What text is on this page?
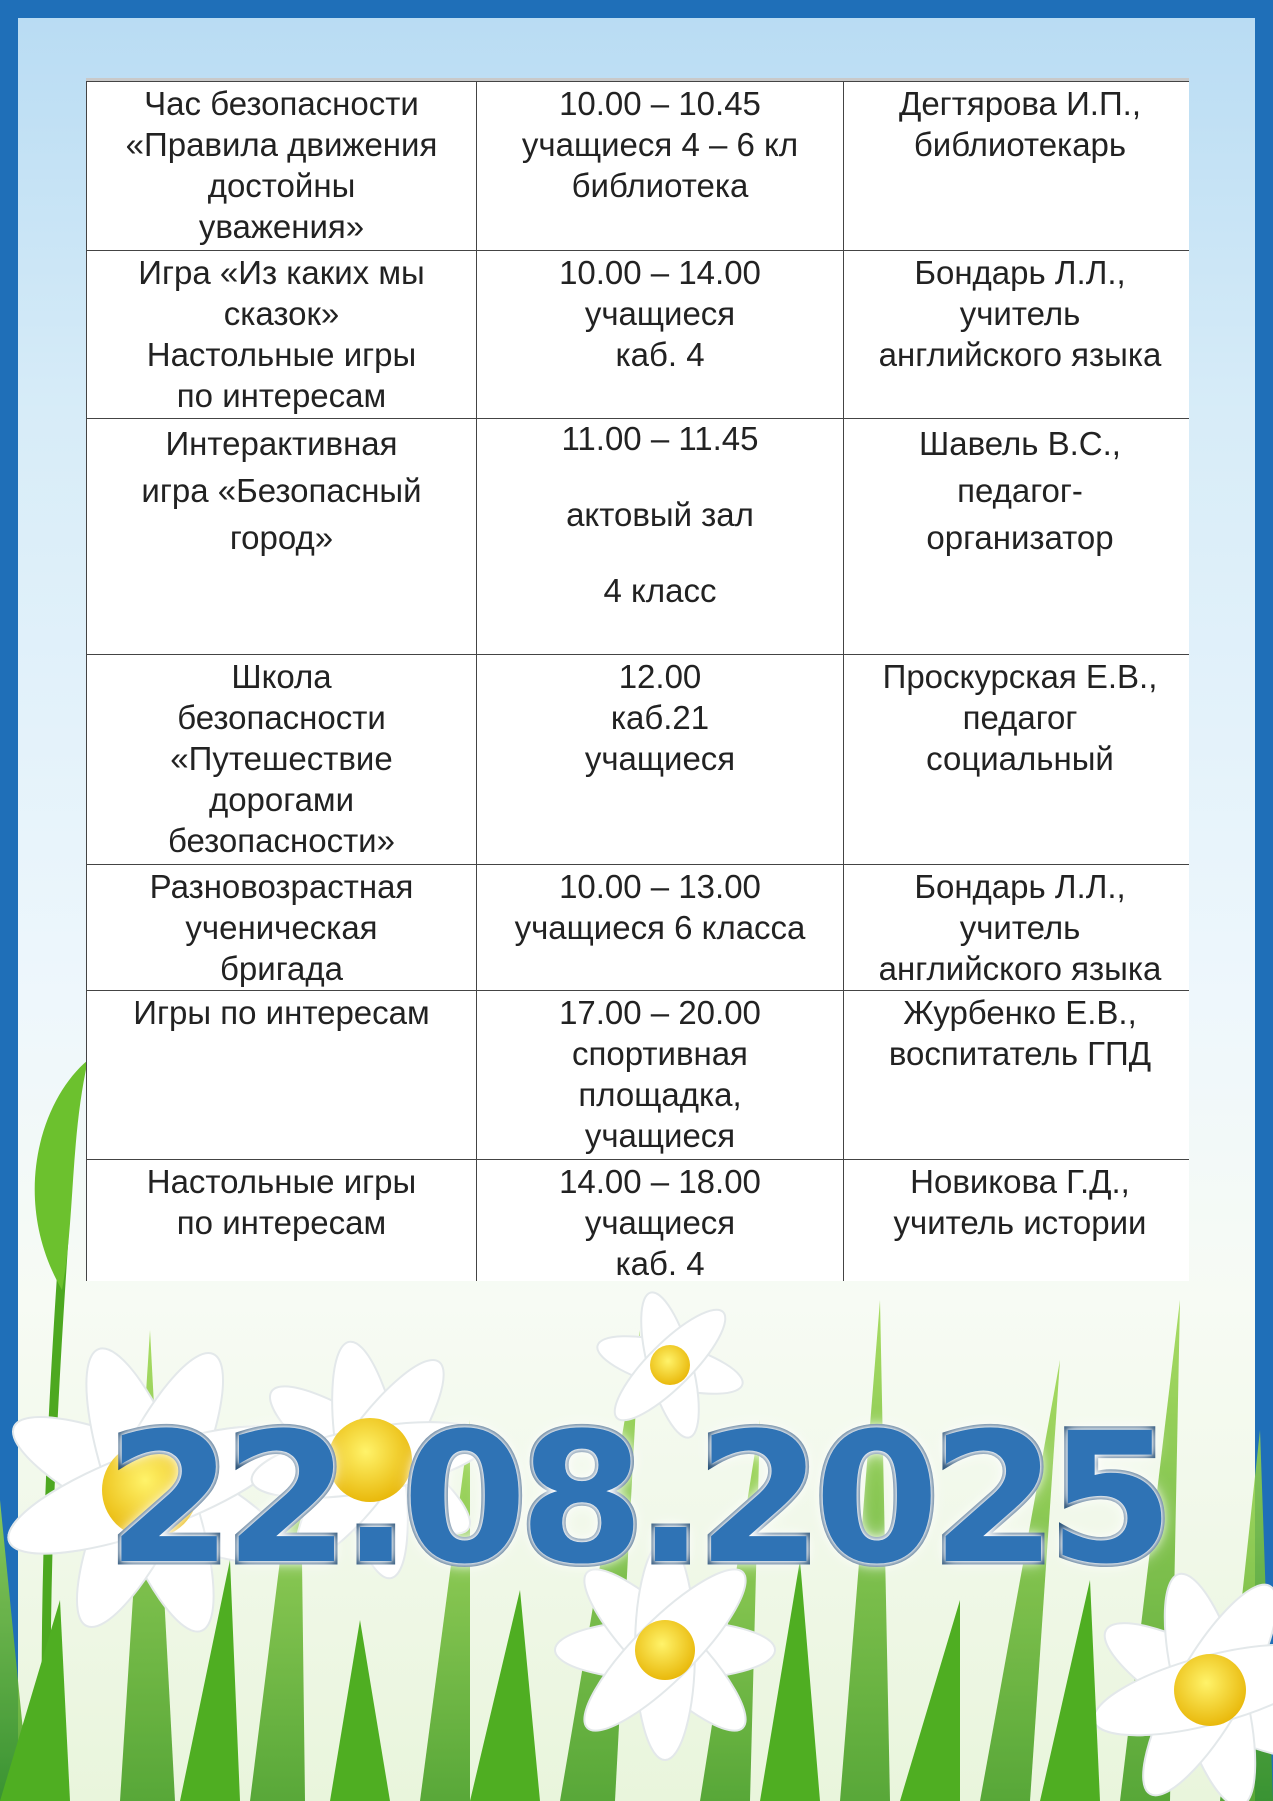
Час безопасности
«Правила движения
достойны
уважения»	10.00 – 10.45
учащиеся 4 – 6 кл
библиотека	Дегтярова И.П.,
библиотекарь
Игра «Из каких мы
сказок»
Настольные игры
по интересам	10.00 – 14.00
учащиеся
каб. 4	Бондарь Л.Л.,
учитель
английского языка
Интерактивная
игра «Безопасный
город»	11.00 – 11.45

актовый зал

4 класс	Шавель В.С.,
педагог-
организатор
Школа
безопасности
«Путешествие
дорогами
безопасности»	12.00
каб.21
учащиеся	Проскурская Е.В.,
педагог
социальный
Разновозрастная
ученическая
бригада	10.00 – 13.00
учащиеся 6 класса	Бондарь Л.Л.,
учитель
английского языка
Игры по интересам	17.00 – 20.00
спортивная
площадка,
учащиеся	Журбенко Е.В.,
воспитатель ГПД
Настольные игры
по интересам	14.00 – 18.00
учащиеся
каб. 4	Новикова Г.Д.,
учитель истории
22.08.2025
